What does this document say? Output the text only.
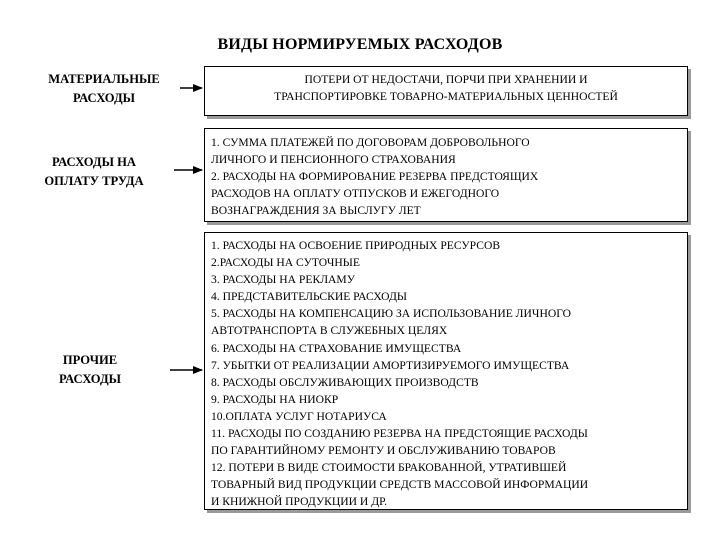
ВИДЫ НОРМИРУЕМЫХ РАСХОДОВ
МАТЕРИАЛЬНЫЕ
РАСХОДЫ
РАСХОДЫ НА
ОПЛАТУ ТРУДА
ПРОЧИЕ
РАСХОДЫ
ПОТЕРИ ОТ НЕДОСТАЧИ, ПОРЧИ ПРИ ХРАНЕНИИ И
ТРАНСПОРТИРОВКЕ ТОВАРНО-МАТЕРИАЛЬНЫХ ЦЕННОСТЕЙ
1. СУММА ПЛАТЕЖЕЙ ПО ДОГОВОРАМ ДОБРОВОЛЬНОГО
ЛИЧНОГО И ПЕНСИОННОГО СТРАХОВАНИЯ
2. РАСХОДЫ НА ФОРМИРОВАНИЕ РЕЗЕРВА ПРЕДСТОЯЩИХ
РАСХОДОВ НА ОПЛАТУ ОТПУСКОВ И ЕЖЕГОДНОГО
ВОЗНАГРАЖДЕНИЯ ЗА ВЫСЛУГУ ЛЕТ
1. РАСХОДЫ НА ОСВОЕНИЕ ПРИРОДНЫХ РЕСУРСОВ
2.РАСХОДЫ НА СУТОЧНЫЕ
3. РАСХОДЫ НА РЕКЛАМУ
4. ПРЕДСТАВИТЕЛЬСКИЕ РАСХОДЫ
5. РАСХОДЫ НА КОМПЕНСАЦИЮ ЗА ИСПОЛЬЗОВАНИЕ ЛИЧНОГО
АВТОТРАНСПОРТА В СЛУЖЕБНЫХ ЦЕЛЯХ
6. РАСХОДЫ НА СТРАХОВАНИЕ ИМУЩЕСТВА
7. УБЫТКИ ОТ РЕАЛИЗАЦИИ АМОРТИЗИРУЕМОГО ИМУЩЕСТВА
8. РАСХОДЫ ОБСЛУЖИВАЮЩИХ ПРОИЗВОДСТВ
9. РАСХОДЫ НА НИОКР
10.ОПЛАТА УСЛУГ НОТАРИУСА
11. РАСХОДЫ ПО СОЗДАНИЮ РЕЗЕРВА НА ПРЕДСТОЯЩИЕ РАСХОДЫ
ПО ГАРАНТИЙНОМУ РЕМОНТУ И ОБСЛУЖИВАНИЮ ТОВАРОВ
12. ПОТЕРИ В ВИДЕ СТОИМОСТИ БРАКОВАННОЙ, УТРАТИВШЕЙ
ТОВАРНЫЙ ВИД ПРОДУКЦИИ СРЕДСТВ МАССОВОЙ ИНФОРМАЦИИ
И КНИЖНОЙ ПРОДУКЦИИ И ДР.
